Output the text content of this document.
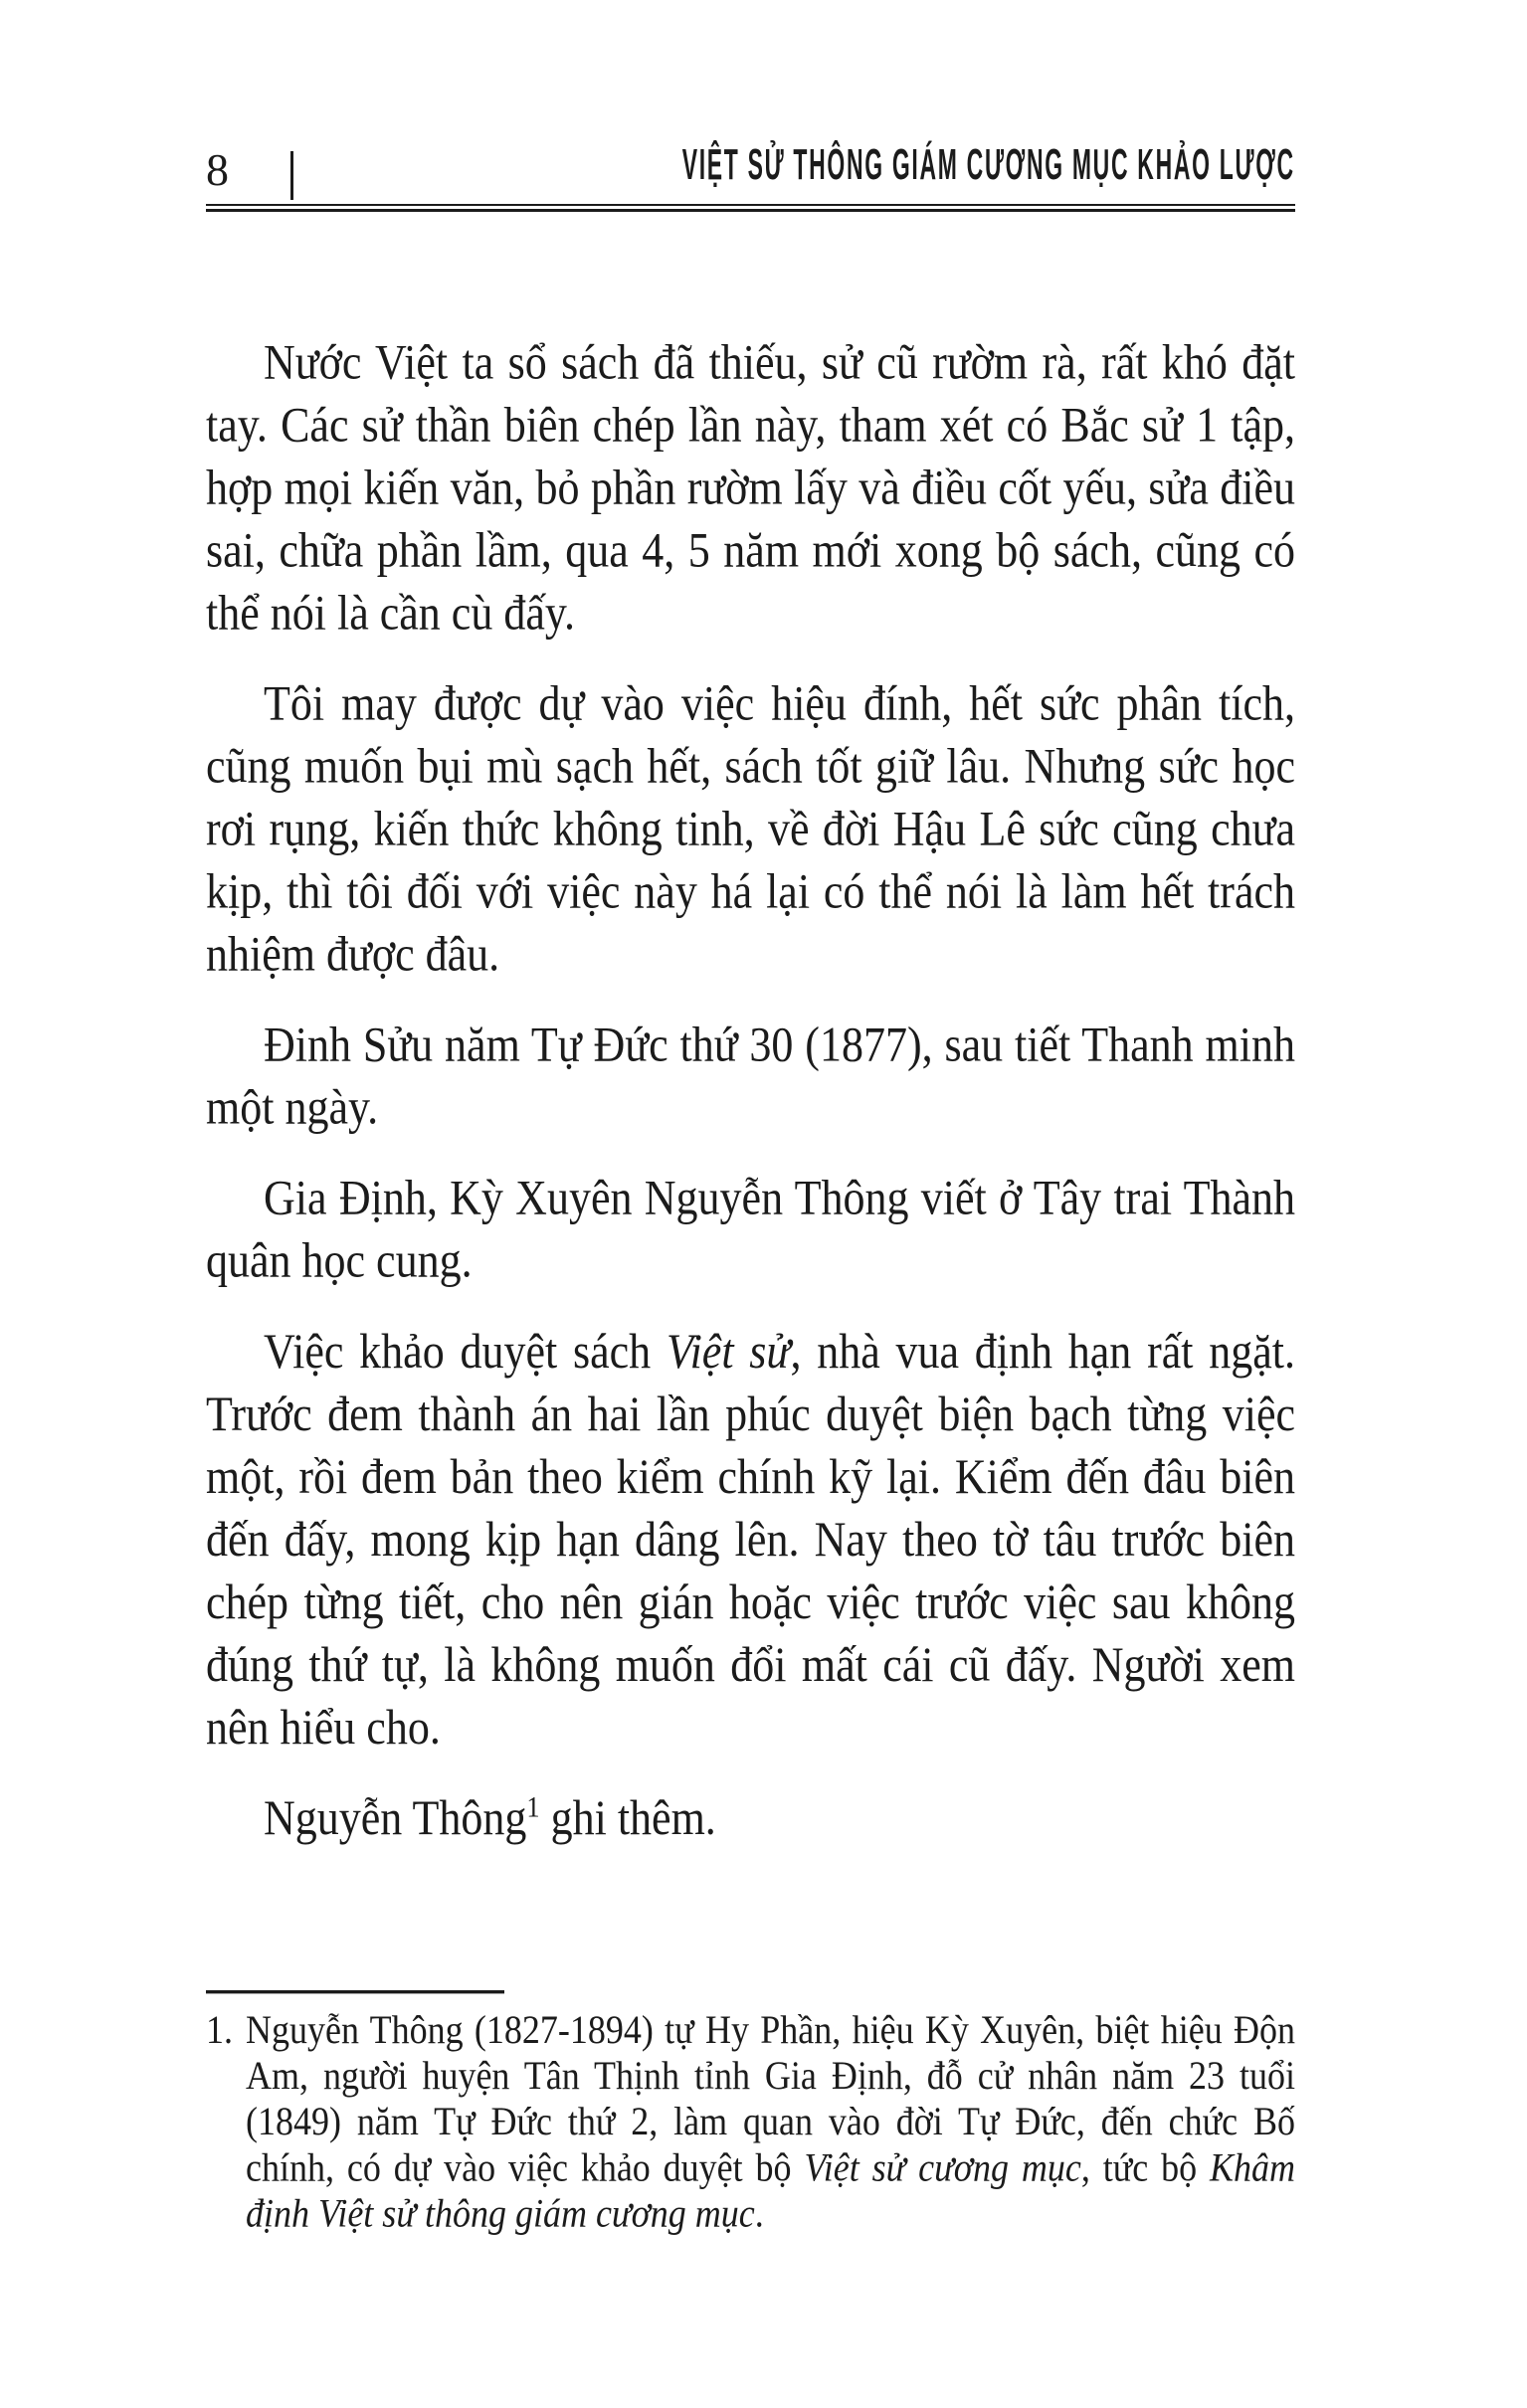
8	VIỆT SỬ THÔNG GIÁM CƯƠNG MỤC KHẢO LƯỢC

Nước Việt ta sổ sách đã thiếu, sử cũ rườm rà, rất khó đặt tay. Các sử thần biên chép lần này, tham xét có Bắc sử 1 tập, hợp mọi kiến văn, bỏ phần rườm lấy và điều cốt yếu, sửa điều sai, chữa phần lầm, qua 4, 5 năm mới xong bộ sách, cũng có thể nói là cần cù đấy.

Tôi may được dự vào việc hiệu đính, hết sức phân tích, cũng muốn bụi mù sạch hết, sách tốt giữ lâu. Nhưng sức học rơi rụng, kiến thức không tinh, về đời Hậu Lê sức cũng chưa kịp, thì tôi đối với việc này há lại có thể nói là làm hết trách nhiệm được đâu.

Đinh Sửu năm Tự Đức thứ 30 (1877), sau tiết Thanh minh một ngày.

Gia Định, Kỳ Xuyên Nguyễn Thông viết ở Tây trai Thành quân học cung.

Việc khảo duyệt sách Việt sử, nhà vua định hạn rất ngặt. Trước đem thành án hai lần phúc duyệt biện bạch từng việc một, rồi đem bản theo kiểm chính kỹ lại. Kiểm đến đâu biên đến đấy, mong kịp hạn dâng lên. Nay theo tờ tâu trước biên chép từng tiết, cho nên gián hoặc việc trước việc sau không đúng thứ tự, là không muốn đổi mất cái cũ đấy. Người xem nên hiểu cho.

Nguyễn Thông$^1$ ghi thêm.

1. Nguyễn Thông (1827-1894) tự Hy Phần, hiệu Kỳ Xuyên, biệt hiệu Độn Am, người huyện Tân Thịnh tỉnh Gia Định, đỗ cử nhân năm 23 tuổi (1849) năm Tự Đức thứ 2, làm quan vào đời Tự Đức, đến chức Bố chính, có dự vào việc khảo duyệt bộ Việt sử cương mục, tức bộ Khâm định Việt sử thông giám cương mục.
